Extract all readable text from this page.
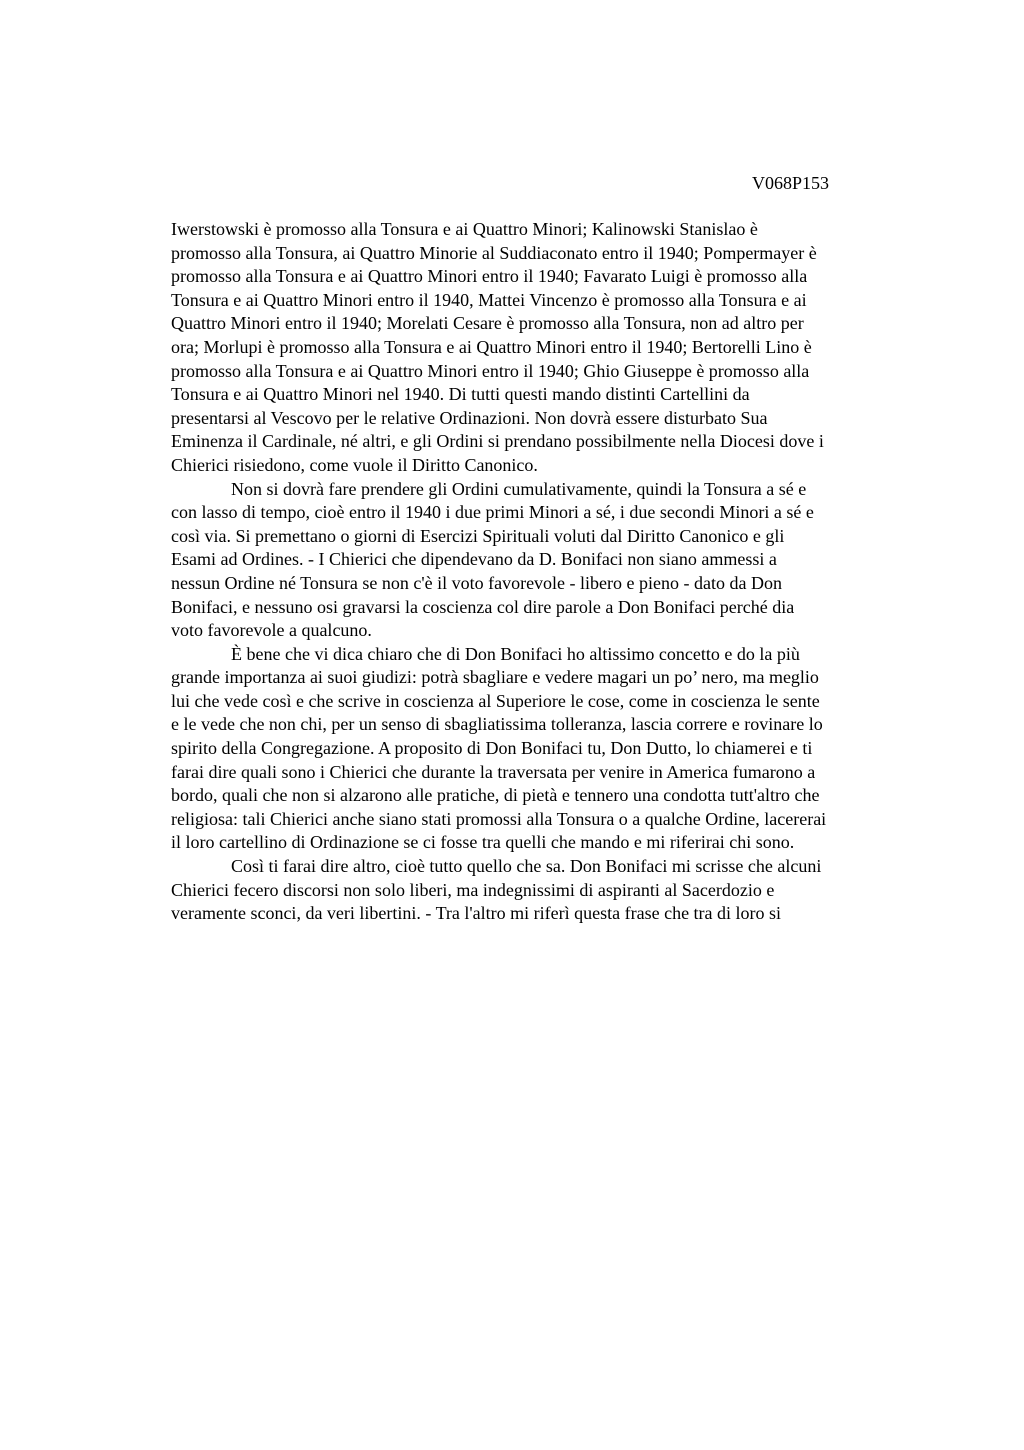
V068P153
Iwerstowski è promosso alla Tonsura e ai Quattro Minori; Kalinowski Stanislao è
promosso alla Tonsura, ai Quattro Minorie al Suddiaconato entro il 1940; Pompermayer è
promosso alla Tonsura e ai Quattro Minori entro il 1940; Favarato Luigi è promosso alla
Tonsura e ai Quattro Minori entro il 1940, Mattei Vincenzo è promosso alla Tonsura e ai
Quattro Minori entro il 1940; Morelati Cesare è promosso alla Tonsura, non ad altro per
ora; Morlupi è promosso alla Tonsura e ai Quattro Minori entro il 1940; Bertorelli Lino è
promosso alla Tonsura e ai Quattro Minori entro il 1940; Ghio Giuseppe è promosso alla
Tonsura e ai Quattro Minori nel 1940. Di tutti questi mando distinti Cartellini da
presentarsi al Vescovo per le relative Ordinazioni. Non dovrà essere disturbato Sua
Eminenza il Cardinale, né altri, e gli Ordini si prendano possibilmente nella Diocesi dove i
Chierici risiedono, come vuole il Diritto Canonico.
Non si dovrà fare prendere gli Ordini cumulativamente, quindi la Tonsura a sé e
con lasso di tempo, cioè entro il 1940 i due primi Minori a sé, i due secondi Minori a sé e
così via. Si premettano o giorni di Esercizi Spirituali voluti dal Diritto Canonico e gli
Esami ad Ordines. - I Chierici che dipendevano da D. Bonifaci non siano ammessi a
nessun Ordine né Tonsura se non c'è il voto favorevole - libero e pieno - dato da Don
Bonifaci, e nessuno osi gravarsi la coscienza col dire parole a Don Bonifaci perché dia
voto favorevole a qualcuno.
È bene che vi dica chiaro che di Don Bonifaci ho altissimo concetto e do la più
grande importanza ai suoi giudizi: potrà sbagliare e vedere magari un po’ nero, ma meglio
lui che vede così e che scrive in coscienza al Superiore le cose, come in coscienza le sente
e le vede che non chi, per un senso di sbagliatissima tolleranza, lascia correre e rovinare lo
spirito della Congregazione. A proposito di Don Bonifaci tu, Don Dutto, lo chiamerei e ti
farai dire quali sono i Chierici che durante la traversata per venire in America fumarono a
bordo, quali che non si alzarono alle pratiche, di pietà e tennero una condotta tutt'altro che
religiosa: tali Chierici anche siano stati promossi alla Tonsura o a qualche Ordine, lacererai
il loro cartellino di Ordinazione se ci fosse tra quelli che mando e mi riferirai chi sono.
Così ti farai dire altro, cioè tutto quello che sa. Don Bonifaci mi scrisse che alcuni
Chierici fecero discorsi non solo liberi, ma indegnissimi di aspiranti al Sacerdozio e
veramente sconci, da veri libertini. - Tra l'altro mi riferì questa frase che tra di loro si
